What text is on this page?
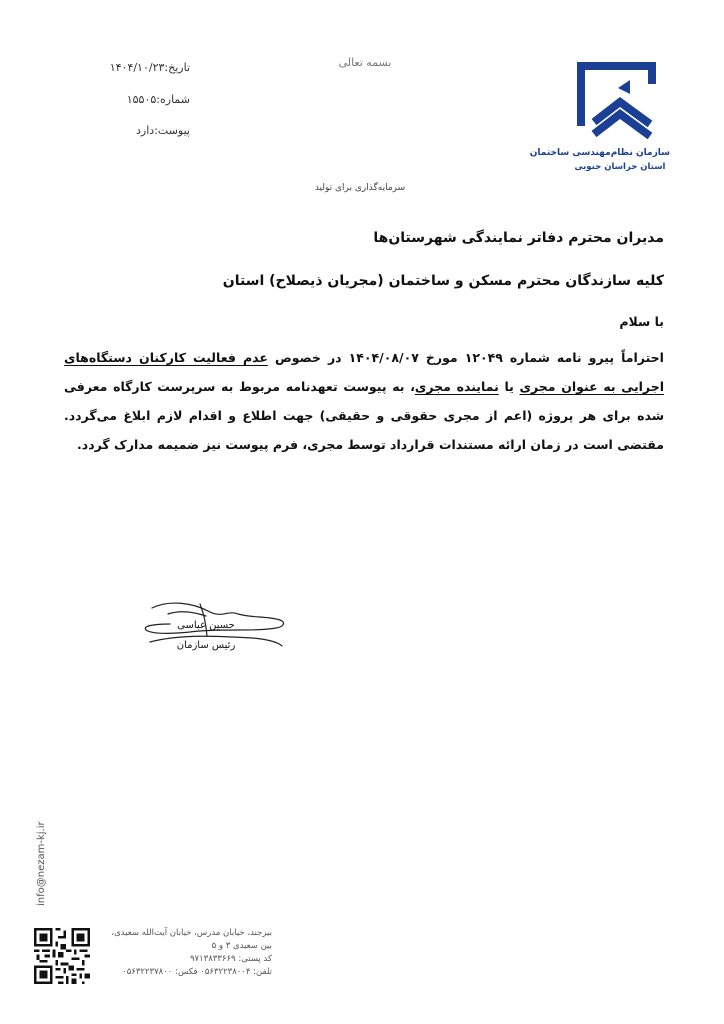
بسمه تعالی
تاریخ:۱۴۰۴/۱۰/۲۳
شماره:۱۵۵۰۵
پیوست:دارد
سرمایه‌گذاری برای تولید
سازمان نظام‌مهندسی ساختمان
استان خراسان جنوبی
مدیران محترم دفاتر نمایندگی شهرستان‌ها
کلیه سازندگان محترم مسکن و ساختمان (مجریان ذیصلاح) استان
با سلام
احتراماً پیرو نامه شماره ۱۲۰۴۹ مورخ ۱۴۰۴/۰۸/۰۷ در خصوص عدم فعالیت کارکنان دستگاه‌های اجرایی به عنوان مجری یا نماینده مجری، به پیوست تعهدنامه مربوط به سرپرست کارگاه معرفی شده برای هر پروژه (اعم از مجری حقوقی و حقیقی) جهت اطلاع و اقدام لازم ابلاغ می‌گردد. مقتضی است در زمان ارائه مستندات قرارداد توسط مجری، فرم پیوست نیز ضمیمه مدارک گردد.
حسین عباسی
رئیس سازمان
info@nezam-kj.ir
بیرجند، خیابان مدرس، خیابان آیت‌الله سعیدی،
بین سعیدی ۳ و ۵
کد پستی: ۹۷۱۳۸۳۳۶۶۹
تلفن: ۰۵۶۳۲۲۳۸۰۰۴ فکس: ۰۵۶۳۲۲۳۷۸۰۰
